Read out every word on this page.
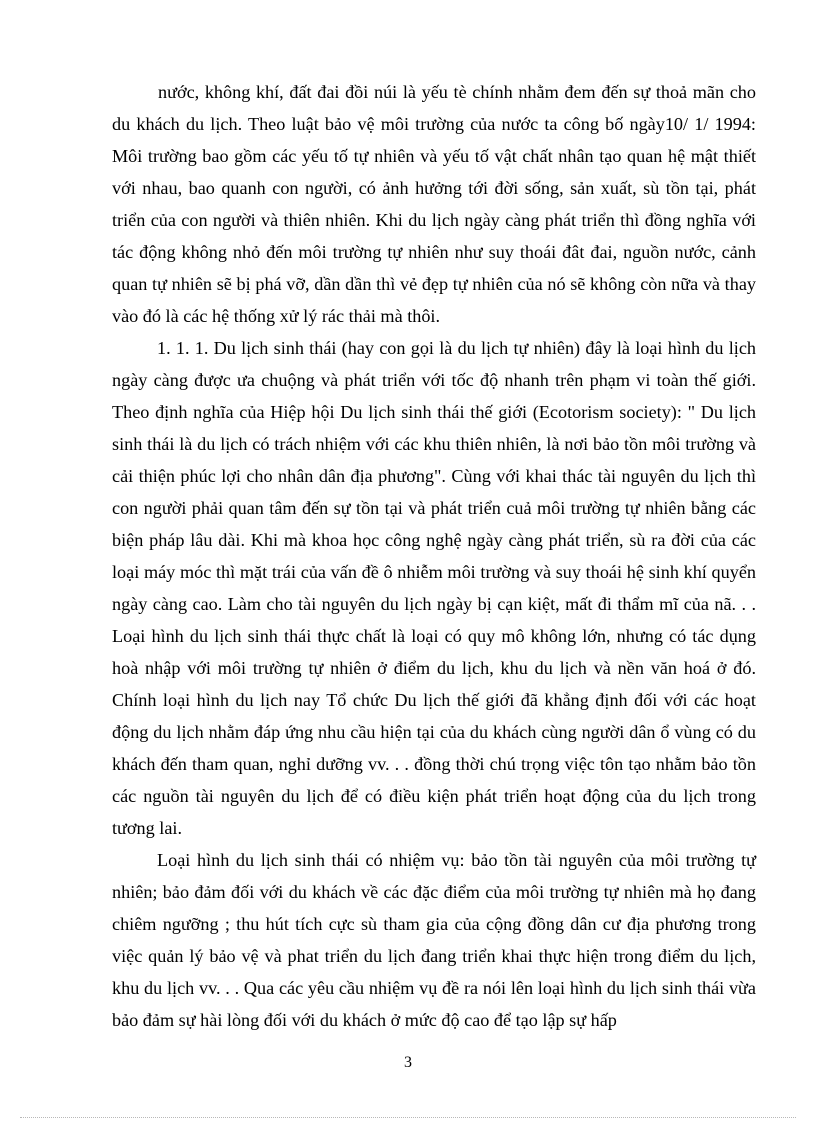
nước, không khí, đất đai đồi núi là yếu tè chính nhằm đem đến sự thoả mãn cho du khách du lịch. Theo luật bảo vệ môi trường của nước ta công bố ngày10/ 1/ 1994: Môi trường bao gồm các yếu tố tự nhiên và yếu tố vật chất nhân tạo quan hệ mật thiết với nhau, bao quanh con người, có ảnh hưởng tới đời sống, sản xuất, sù tồn tại, phát triển của con người và thiên nhiên. Khi du lịch ngày càng phát triển thì đồng nghĩa với tác động không nhỏ đến môi trường tự nhiên như suy thoái đât đai, nguồn nước, cảnh quan tự nhiên sẽ bị phá vỡ, dần dần thì vẻ đẹp tự nhiên của nó sẽ không còn nữa và thay vào đó là các hệ thống xử lý rác thải mà thôi.

1. 1. 1. Du lịch sinh thái (hay con gọi là du lịch tự nhiên) đây là loại hình du lịch ngày càng được ưa chuộng và phát triển với tốc độ nhanh trên phạm vi toàn thế giới. Theo định nghĩa của Hiệp hội Du lịch sinh thái thế giới (Ecotorism society): " Du lịch sinh thái là du lịch có trách nhiệm với các khu thiên nhiên, là nơi bảo tồn môi trường và cải thiện phúc lợi cho nhân dân địa phương". Cùng với khai thác tài nguyên du lịch thì con người phải quan tâm đến sự tồn tại và phát triển cuả môi trường tự nhiên bằng các biện pháp lâu dài. Khi mà khoa học công nghệ ngày càng phát triển, sù ra đời của các loại máy móc thì mặt trái của vấn đề ô nhiễm môi trường và suy thoái hệ sinh khí quyển ngày càng cao. Làm cho tài nguyên du lịch ngày bị cạn kiệt, mất đi thẩm mĩ của nã. . . Loại hình du lịch sinh thái thực chất là loại có quy mô không lớn, nhưng có tác dụng hoà nhập với môi trường tự nhiên ở điểm du lịch, khu du lịch và nền văn hoá ở đó. Chính loại hình du lịch nay Tổ chức Du lịch thế giới đã khẳng định đối với các hoạt động du lịch nhằm đáp ứng nhu cầu hiện tại của du khách cùng người dân ổ vùng có du khách đến tham quan, nghỉ dưỡng vv. . . đồng thời chú trọng việc tôn tạo nhằm bảo tồn các nguồn tài nguyên du lịch để có điều kiện phát triển hoạt động của du lịch trong tương lai.

Loại hình du lịch sinh thái có nhiệm vụ: bảo tồn tài nguyên của môi trường tự nhiên; bảo đảm đối với du khách về các đặc điểm của môi trường tự nhiên mà họ đang chiêm ngưỡng ; thu hút tích cực sù tham gia của cộng đồng dân cư địa phương trong việc quản lý bảo vệ và phat triển du lịch đang triển khai thực hiện trong điểm du lịch, khu du lịch vv. . . Qua các yêu cầu nhiệm vụ đề ra nói lên loại hình du lịch sinh thái vừa bảo đảm sự hài lòng đối với du khách ở mức độ cao để tạo lập sự hấp

3
